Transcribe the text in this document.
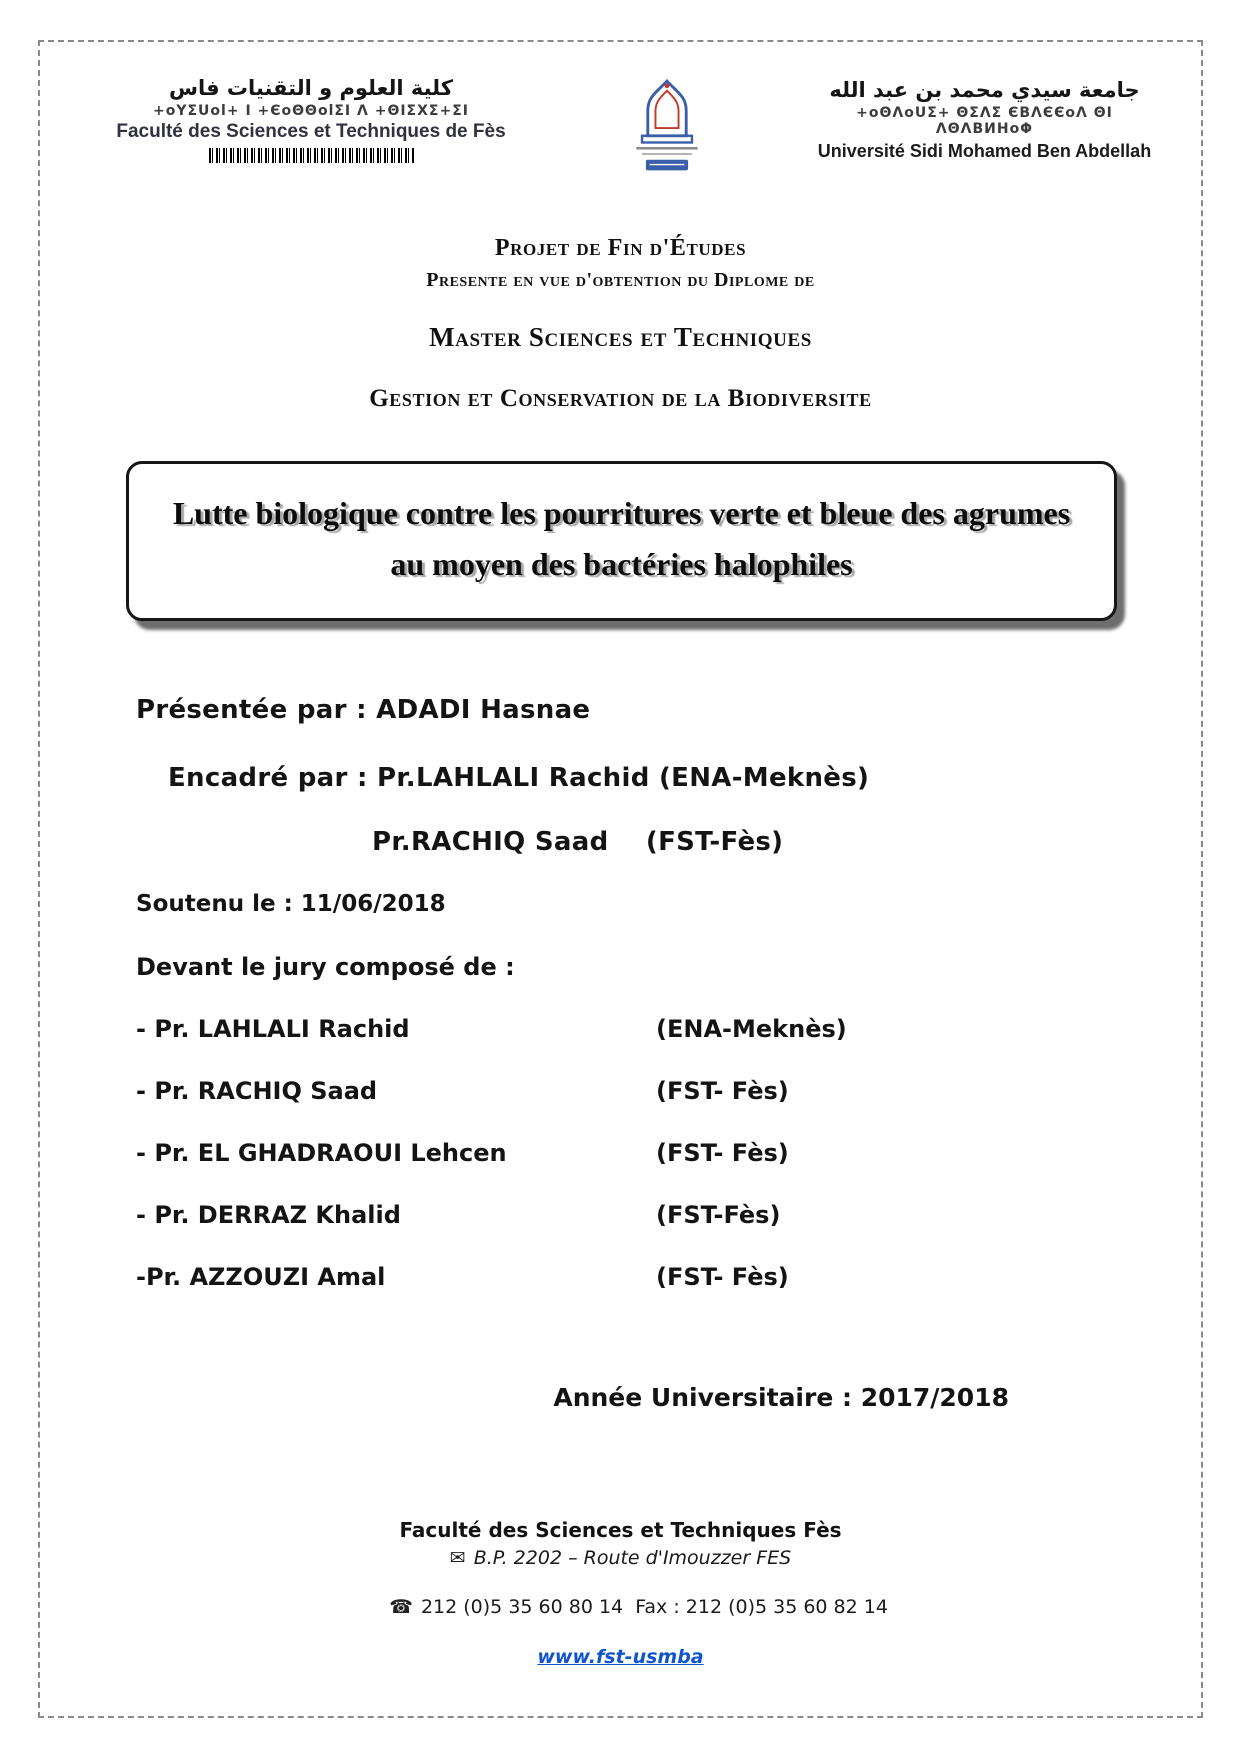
كلية العلوم و التقنيات فاس
+oYΣUol+ I +ЄoΘΘolΣI Λ +ΘIΣXΣ+ΣI
Faculté des Sciences et Techniques de Fès
جامعة سيدي محمد بن عبد الله
+oΘΛoUΣ+ ΘΣΛΣ ЄBΛЄЄoΛ ΘI ΛΘΛBИНoΦ
Université Sidi Mohamed Ben Abdellah
Projet de Fin d'Études
Presente en vue d'obtention du Diplome de
Master Sciences et Techniques
Gestion et Conservation de la Biodiversite
Lutte biologique contre les pourritures verte et bleue des agrumes au moyen des bactéries halophiles
Présentée par : ADADI Hasnae
Encadré par : Pr.LAHLALI Rachid (ENA-Meknès)
Pr.RACHIQ Saad    (FST-Fès)
Soutenu le : 11/06/2018
Devant le jury composé de :
- Pr. LAHLALI Rachid	(ENA-Meknès)
- Pr. RACHIQ Saad	(FST- Fès)
- Pr. EL GHADRAOUI Lehcen	(FST- Fès)
- Pr. DERRAZ Khalid	(FST-Fès)
-Pr. AZZOUZI Amal	(FST- Fès)
Année Universitaire : 2017/2018
Faculté des Sciences et Techniques Fès
✉ B.P. 2202 – Route d'Imouzzer FES

☎ 212 (0)5 35 60 80 14  Fax : 212 (0)5 35 60 82 14

www.fst-usmba
